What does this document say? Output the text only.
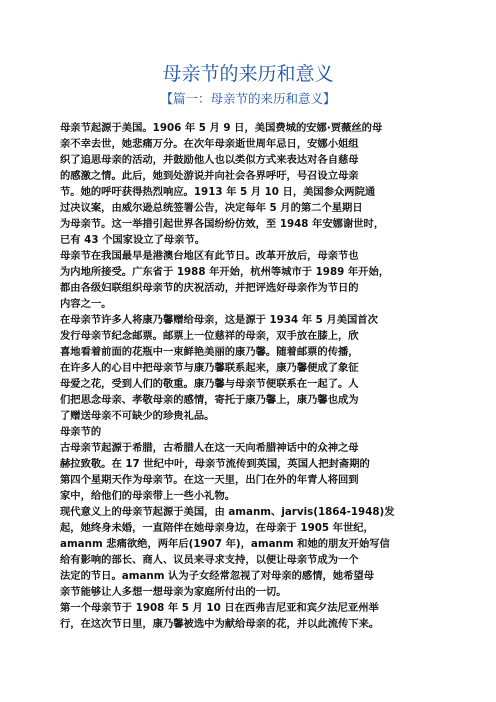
母亲节的来历和意义
【篇一：母亲节的来历和意义】
母亲节起源于美国。1906 年 5 月 9 日，美国费城的安娜·贾薇丝的母
亲不幸去世，她悲痛万分。在次年母亲逝世周年忌日，安娜小姐组
织了追思母亲的活动，并鼓励他人也以类似方式来表达对各自慈母
的感激之情。此后，她到处游说并向社会各界呼吁，号召设立母亲
节。她的呼吁获得热烈响应。1913 年 5 月 10 日，美国参众两院通
过决议案，由威尔逊总统签署公告，决定每年 5 月的第二个星期日
为母亲节。这一举措引起世界各国纷纷仿效，至 1948 年安娜谢世时，
已有 43 个国家设立了母亲节。
母亲节在我国最早是港澳台地区有此节日。改革开放后，母亲节也
为内地所接受。广东省于 1988 年开始，杭州等城市于 1989 年开始，
都由各级妇联组织母亲节的庆祝活动，并把评选好母亲作为节日的
内容之一。
在母亲节许多人将康乃馨赠给母亲，这是源于 1934 年 5 月美国首次
发行母亲节纪念邮票。邮票上一位慈祥的母亲，双手放在膝上，欣
喜地看着前面的花瓶中一束鲜艳美丽的康乃馨。随着邮票的传播，
在许多人的心目中把母亲节与康乃馨联系起来，康乃馨便成了象征
母爱之花，受到人们的敬重。康乃馨与母亲节便联系在一起了。人
们把思念母亲、孝敬母亲的感情，寄托于康乃馨上，康乃馨也成为
了赠送母亲不可缺少的珍贵礼品。
母亲节的
古母亲节起源于希腊，古希腊人在这一天向希腊神话中的众神之母
赫拉致敬。在 17 世纪中叶，母亲节流传到英国，英国人把封斋期的
第四个星期天作为母亲节。在这一天里，出门在外的年青人将回到
家中，给他们的母亲带上一些小礼物。
现代意义上的母亲节起源于美国，由 amanm、jarvis(1864-1948)发
起，她终身未婚，一直陪伴在她母亲身边，在母亲于 1905 年世纪，
amanm 悲痛欲绝，两年后(1907 年)，amanm 和她的朋友开始写信
给有影响的部长、商人、议员来寻求支持，以便让母亲节成为一个
法定的节日。amanm 认为子女经常忽视了对母亲的感情，她希望母
亲节能够让人多想一想母亲为家庭所付出的一切。
第一个母亲节于 1908 年 5 月 10 日在西弗吉尼亚和宾夕法尼亚州举
行，在这次节日里，康乃馨被选中为献给母亲的花，并以此流传下来。
